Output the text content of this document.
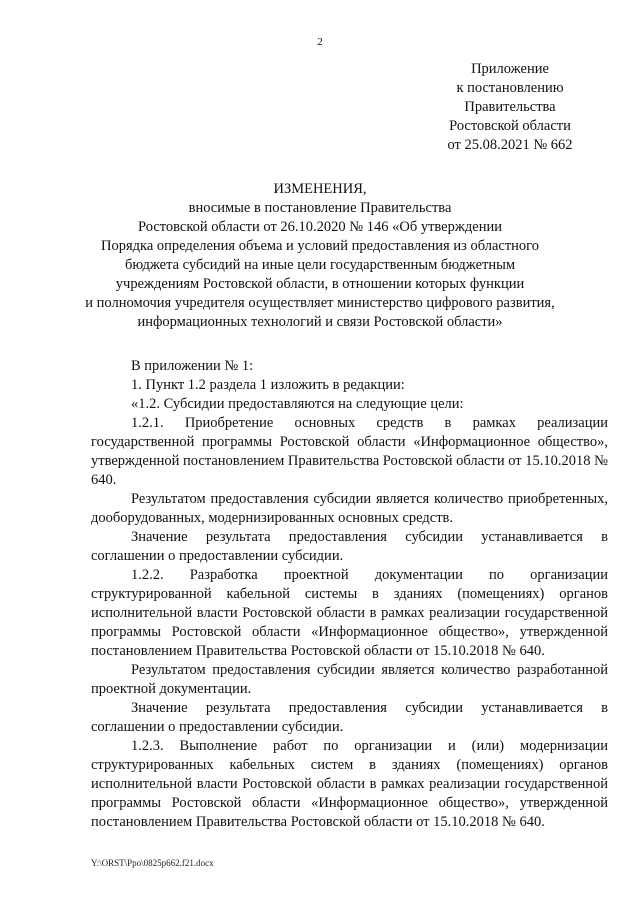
2
Приложение
к постановлению
Правительства
Ростовской области
от 25.08.2021 № 662
ИЗМЕНЕНИЯ,
вносимые в постановление Правительства
Ростовской области от 26.10.2020 № 146 «Об утверждении
Порядка определения объема и условий предоставления из областного
бюджета субсидий на иные цели государственным бюджетным
учреждениям Ростовской области, в отношении которых функции
и полномочия учредителя осуществляет министерство цифрового развития,
информационных технологий и связи Ростовской области»

В приложении № 1:

1. Пункт 1.2 раздела 1 изложить в редакции:

«1.2. Субсидии предоставляются на следующие цели:

1.2.1. Приобретение основных средств в рамках реализации государственной программы Ростовской области «Информационное общество», утвержденной постановлением Правительства Ростовской области от 15.10.2018 № 640.

Результатом предоставления субсидии является количество приобретенных, дооборудованных, модернизированных основных средств.

Значение результата предоставления субсидии устанавливается в соглашении о предоставлении субсидии.

1.2.2. Разработка проектной документации по организации структурированной кабельной системы в зданиях (помещениях) органов исполнительной власти Ростовской области в рамках реализации государственной программы Ростовской области «Информационное общество», утвержденной постановлением Правительства Ростовской области от 15.10.2018 № 640.

Результатом предоставления субсидии является количество разработанной проектной документации.

Значение результата предоставления субсидии устанавливается в соглашении о предоставлении субсидии.

1.2.3. Выполнение работ по организации и (или) модернизации структурированных кабельных систем в зданиях (помещениях) органов исполнительной власти Ростовской области в рамках реализации государственной программы Ростовской области «Информационное общество», утвержденной постановлением Правительства Ростовской области от 15.10.2018 № 640.

Y:\ORST\Ppo\0825p662.f21.docx
